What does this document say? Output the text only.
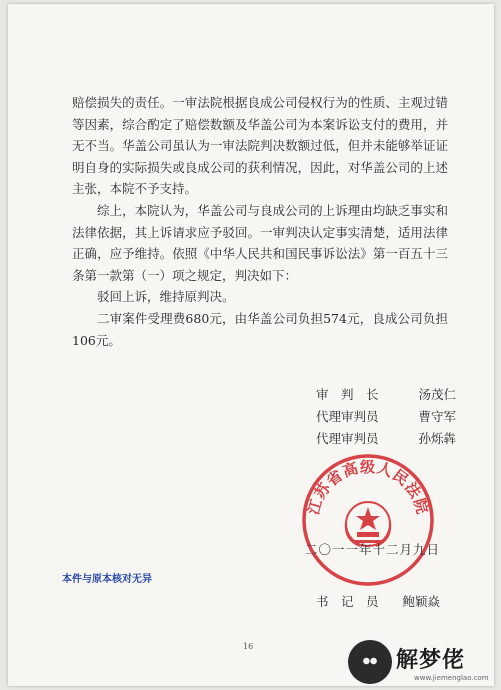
赔偿损失的责任。一审法院根据良成公司侵权行为的性质、主观过错等因素，综合酌定了赔偿数额及华盖公司为本案诉讼支付的费用，并无不当。华盖公司虽认为一审法院判决数额过低，但并未能够举证证明自身的实际损失或良成公司的获利情况，因此，对华盖公司的上述主张，本院不予支持。

综上，本院认为，华盖公司与良成公司的上诉理由均缺乏事实和法律依据，其上诉请求应予驳回。一审判决认定事实清楚，适用法律正确，应予维持。依照《中华人民共和国民事诉讼法》第一百五十三条第一款第（一）项之规定，判决如下：

驳回上诉，维持原判决。

二审案件受理费680元，由华盖公司负担574元，良成公司负担106元。

审　判　长	汤茂仁
代理审判员	曹守军
代理审判员	孙烁犇
江苏省高级人民法院
二〇一一年十二月九日
本件与原本核对无异
书　记　员 鲍颖焱
16
解梦佬
www.jiemenglao.com
